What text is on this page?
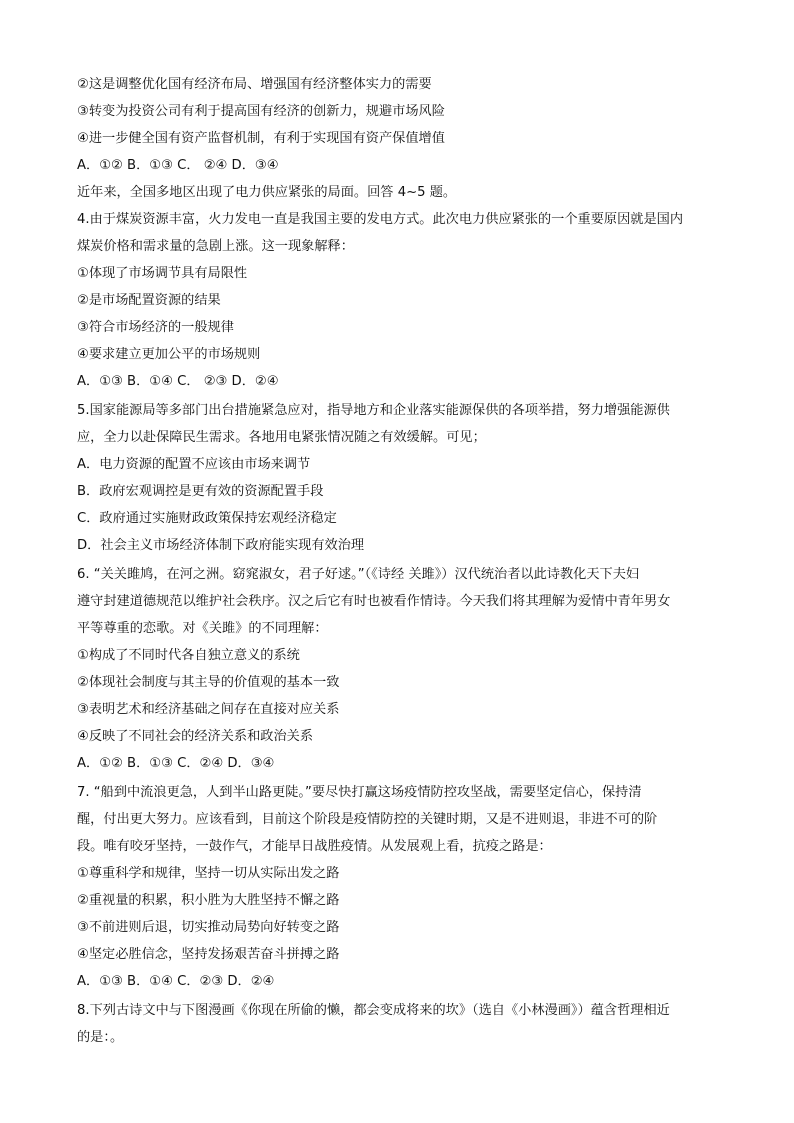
②这是调整优化国有经济布局、增强国有经济整体实力的需要
③转变为投资公司有利于提高国有经济的创新力，规避市场风险
④进一步健全国有资产监督机制，有利于实现国有资产保值增值
A．①② B．①③ C． ②④ D．③④
近年来，全国多地区出现了电力供应紧张的局面。回答 4~5 题。
4.由于煤炭资源丰富，火力发电一直是我国主要的发电方式。此次电力供应紧张的一个重要原因就是国内
煤炭价格和需求量的急剧上涨。这一现象解释：
①体现了市场调节具有局限性
②是市场配置资源的结果
③符合市场经济的一般规律
④要求建立更加公平的市场规则
A．①③ B．①④ C． ②③ D．②④
5.国家能源局等多部门出台措施紧急应对，指导地方和企业落实能源保供的各项举措，努力增强能源供
应，全力以赴保障民生需求。各地用电紧张情况随之有效缓解。可见；
A．电力资源的配置不应该由市场来调节
B．政府宏观调控是更有效的资源配置手段
C．政府通过实施财政政策保持宏观经济稳定
D．社会主义市场经济体制下政府能实现有效治理
6. “关关雎鸠，在河之洲。窈窕淑女，君子好逑。”（《诗经 关雎》）汉代统治者以此诗教化天下夫妇
遵守封建道德规范以维护社会秩序。汉之后它有时也被看作情诗。今天我们将其理解为爱情中青年男女
平等尊重的恋歌。对《关雎》的不同理解：
①构成了不同时代各自独立意义的系统
②体现社会制度与其主导的价值观的基本一致
③表明艺术和经济基础之间存在直接对应关系
④反映了不同社会的经济关系和政治关系
A．①② B．①③ C．②④ D．③④
7. “船到中流浪更急，人到半山路更陡。”要尽快打赢这场疫情防控攻坚战，需要坚定信心，保持清
醒，付出更大努力。应该看到，目前这个阶段是疫情防控的关键时期，又是不进则退，非进不可的阶
段。唯有咬牙坚持，一鼓作气，才能早日战胜疫情。从发展观上看，抗疫之路是：
①尊重科学和规律，坚持一切从实际出发之路
②重视量的积累，积小胜为大胜坚持不懈之路
③不前进则后退，切实推动局势向好转变之路
④坚定必胜信念，坚持发扬艰苦奋斗拼搏之路
A．①③ B．①④ C．②③ D．②④
8.下列古诗文中与下图漫画《你现在所偷的懒，都会变成将来的坎》（选自《小林漫画》）蕴含哲理相近
的是：。
